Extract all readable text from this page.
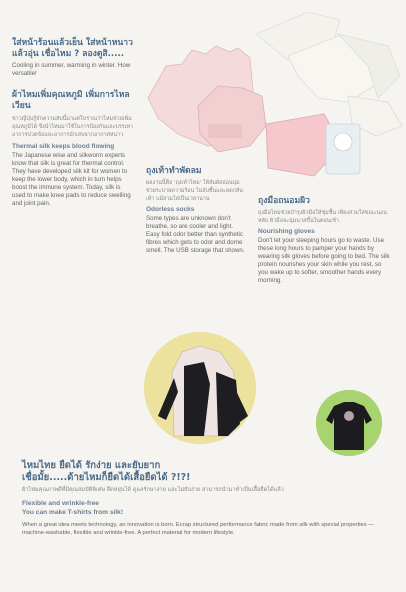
ใส่หน้าร้อนแล้วเย็น ใส่หน้าหนาวแล้วอุ่น เชื่อไหม ? ลองดูสิ.....
Cooling in summer, warming in winter. How versatile!
ผ้าไหมเพิ่มคุณหภูมิ เพิ่มการไหลเวียน
ชาวญี่ปุ่นรู้จักความลับนี้มาแต่โบราณว่าไหมช่วยเพิ่มอุณหภูมิได้ จึงนำไหมมาใช้ในการป้องกันและบรรเทาอาการปวดข้อและอาการอักเสบจากอากาศหนาว
Thermal silk keeps blood flowing
The Japanese wise and silkworm experts know that silk is great for thermal control. They have developed silk kit for women to keep the lower body, which in turn helps boost the immune system. Today, silk is used to make knee pads to reduce swelling and joint pain.
ถุงเท้าทำพัดลม
ผลงานนี้คือ 'ถุงเท้าไหม' ให้สัมผัสอ่อนนุ่ม ช่วยระบายความร้อน ไม่อับชื้นและลดกลิ่นเท้า แม้สวมใส่เป็นเวลานาน
Odorless socks
Some types are unknown don't breathe, so are cooler and light. Easy fold odor better than synthetic fibres which gets to odor and dome smell. The USB storage that shown.
ถุงมือถนอมผิว
ถุงมือไหมช่วยบำรุงผิวมือให้ชุ่มชื้น เพียงสวมใส่ขณะนอนหลับ ผิวมือจะนุ่มนวลขึ้นในตอนเช้า
Nourishing gloves
Don't let your sleeping hours go to waste. Use these long hours to pamper your hands by wearing silk gloves before going to bed. The silk protein nourishes your skin while you rest, so you wake up to softer, smoother hands every morning.
ไหมไทย ยืดได้ รักง่าย และยับยาก
เชื่อมั้ย.....ด้ายไหมก็ยืดได้เสื้อยืดได้ ?!?!
ผ้าไหมคุณภาพดีที่มีคุณสมบัติพิเศษ ยืดหยุ่นได้ ดูแลรักษาง่าย และไม่ยับง่าย สามารถนำมาทำเป็นเสื้อยืดได้แล้ว
Flexible and wrinkle-free
You can make T-shirts from silk!
When a great idea meets technology, an innovation is born. Ecrap structured performance fabric made from silk with special properties — machine-washable, flexible and wrinkle-free. A perfect material for modern lifestyle.
